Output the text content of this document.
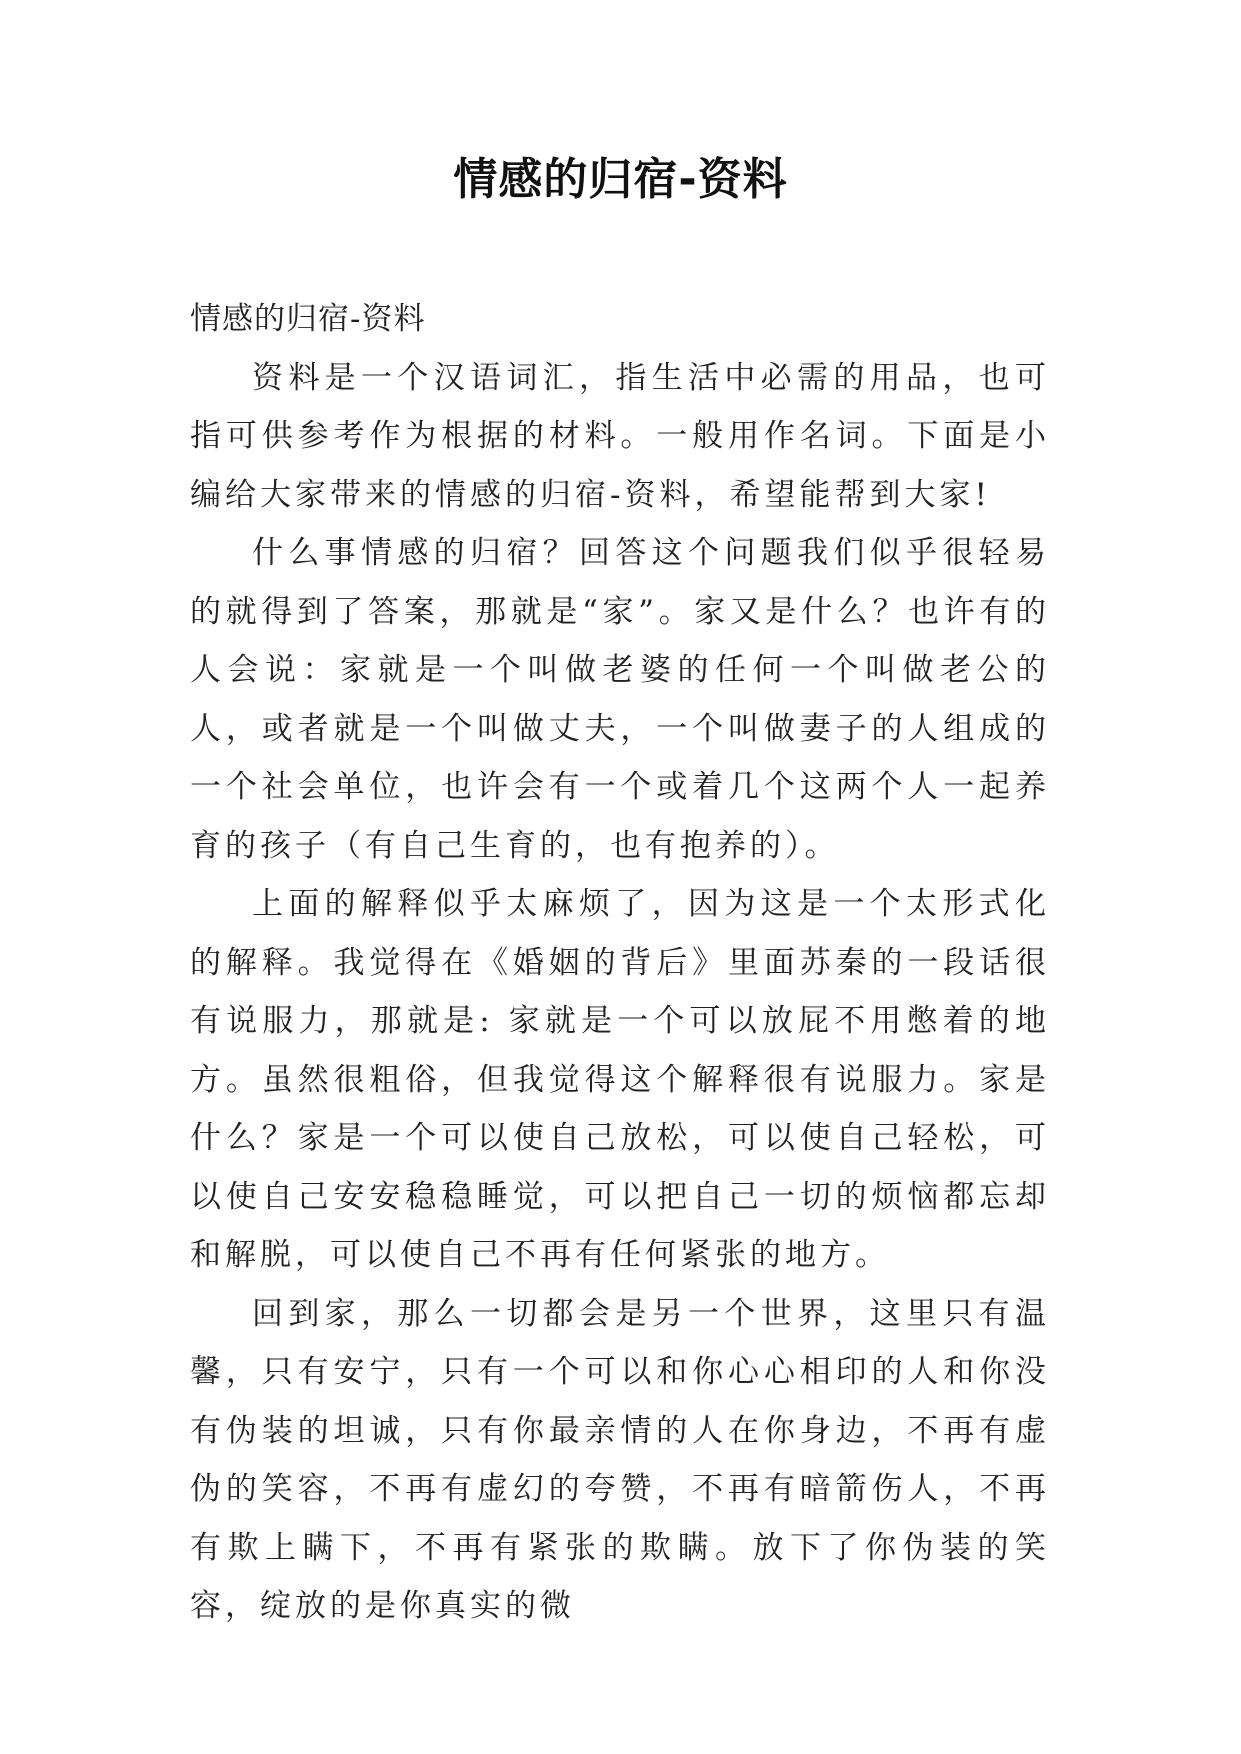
情感的归宿-资料

情感的归宿-资料

资料是一个汉语词汇，指生活中必需的用品，也可指可供参考作为根据的材料。一般用作名词。下面是小编给大家带来的情感的归宿-资料，希望能帮到大家!

什么事情感的归宿？回答这个问题我们似乎很轻易的就得到了答案，那就是“家”。家又是什么？也许有的人会说：家就是一个叫做老婆的任何一个叫做老公的人，或者就是一个叫做丈夫，一个叫做妻子的人组成的一个社会单位，也许会有一个或着几个这两个人一起养育的孩子（有自己生育的，也有抱养的）。

上面的解释似乎太麻烦了，因为这是一个太形式化的解释。我觉得在《婚姻的背后》里面苏秦的一段话很有说服力，那就是: 家就是一个可以放屁不用憋着的地方。虽然很粗俗，但我觉得这个解释很有说服力。家是什么？家是一个可以使自己放松，可以使自己轻松，可以使自己安安稳稳睡觉，可以把自己一切的烦恼都忘却和解脱，可以使自己不再有任何紧张的地方。

回到家，那么一切都会是另一个世界，这里只有温馨，只有安宁，只有一个可以和你心心相印的人和你没有伪装的坦诚，只有你最亲情的人在你身边，不再有虚伪的笑容，不再有虚幻的夸赞，不再有暗箭伤人，不再有欺上瞒下，不再有紧张的欺瞒。放下了你伪装的笑容，绽放的是你真实的微
